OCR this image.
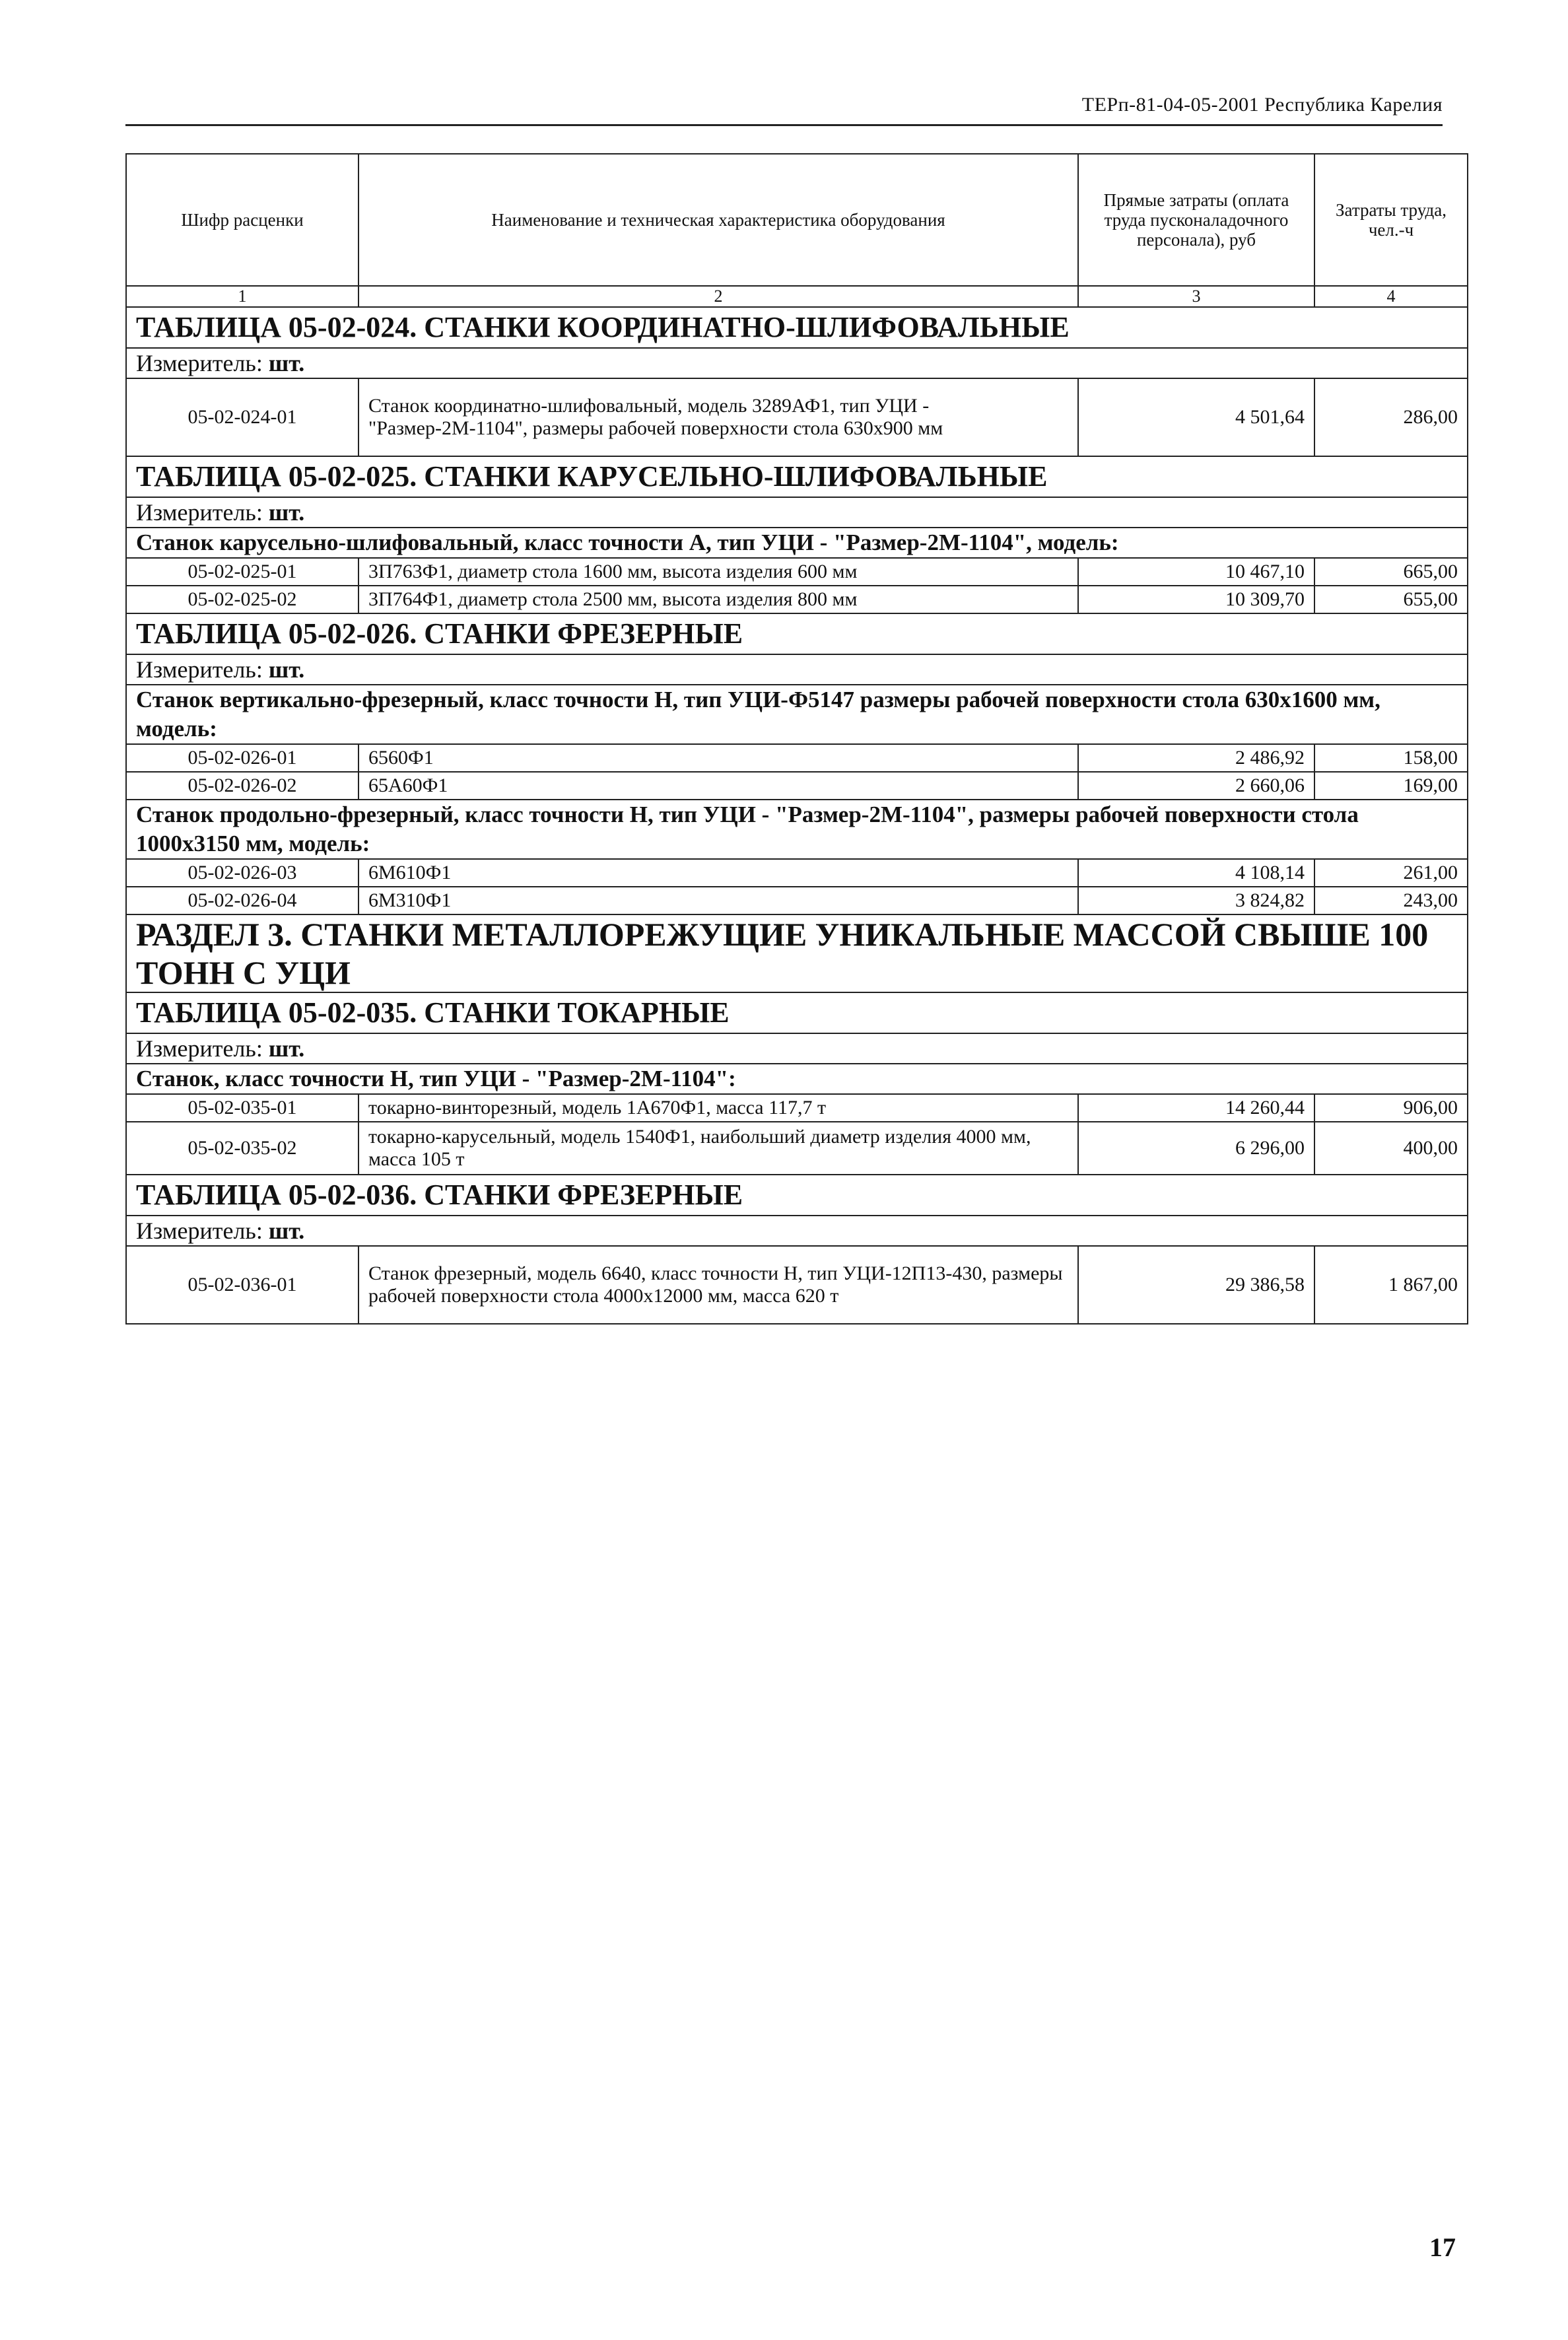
ТЕРп-81-04-05-2001 Республика Карелия
Шифр расценки	Наименование и техническая характеристика оборудования	Прямые затраты (оплата труда пусконаладочного персонала), руб	Затраты труда, чел.-ч
1	2	3	4
ТАБЛИЦА 05-02-024. СТАНКИ КООРДИНАТНО-ШЛИФОВАЛЬНЫЕ			
Измеритель: шт.			
05-02-024-01	Станок координатно-шлифовальный, модель 3289АФ1, тип УЦИ - "Размер-2М-1104", размеры рабочей поверхности стола 630х900 мм	4 501,64	286,00
ТАБЛИЦА 05-02-025. СТАНКИ КАРУСЕЛЬНО-ШЛИФОВАЛЬНЫЕ			
Измеритель: шт.			
Станок карусельно-шлифовальный, класс точности А, тип УЦИ - "Размер-2М-1104", модель:			
05-02-025-01	3П763Ф1, диаметр стола 1600 мм, высота изделия 600 мм	10 467,10	665,00
05-02-025-02	3П764Ф1, диаметр стола 2500 мм, высота изделия 800 мм	10 309,70	655,00
ТАБЛИЦА 05-02-026. СТАНКИ ФРЕЗЕРНЫЕ			
Измеритель: шт.			
Станок вертикально-фрезерный, класс точности Н, тип УЦИ-Ф5147 размеры рабочей поверхности стола 630х1600 мм, модель:			
05-02-026-01	6560Ф1	2 486,92	158,00
05-02-026-02	65А60Ф1	2 660,06	169,00
Станок продольно-фрезерный, класс точности Н, тип УЦИ - "Размер-2М-1104", размеры рабочей поверхности стола 1000х3150 мм, модель:			
05-02-026-03	6М610Ф1	4 108,14	261,00
05-02-026-04	6М310Ф1	3 824,82	243,00
РАЗДЕЛ 3. СТАНКИ МЕТАЛЛОРЕЖУЩИЕ УНИКАЛЬНЫЕ МАССОЙ СВЫШЕ 100 ТОНН С УЦИ			
ТАБЛИЦА 05-02-035. СТАНКИ ТОКАРНЫЕ			
Измеритель: шт.			
Станок, класс точности Н, тип УЦИ - "Размер-2М-1104":			
05-02-035-01	токарно-винторезный, модель 1А670Ф1, масса 117,7 т	14 260,44	906,00
05-02-035-02	токарно-карусельный, модель 1540Ф1, наибольший диаметр изделия 4000 мм, масса 105 т	6 296,00	400,00
ТАБЛИЦА 05-02-036. СТАНКИ ФРЕЗЕРНЫЕ			
Измеритель: шт.			
05-02-036-01	Станок фрезерный, модель 6640, класс точности Н, тип УЦИ-12П13-430, размеры рабочей поверхности стола 4000х12000 мм, масса 620 т	29 386,58	1 867,00
17
